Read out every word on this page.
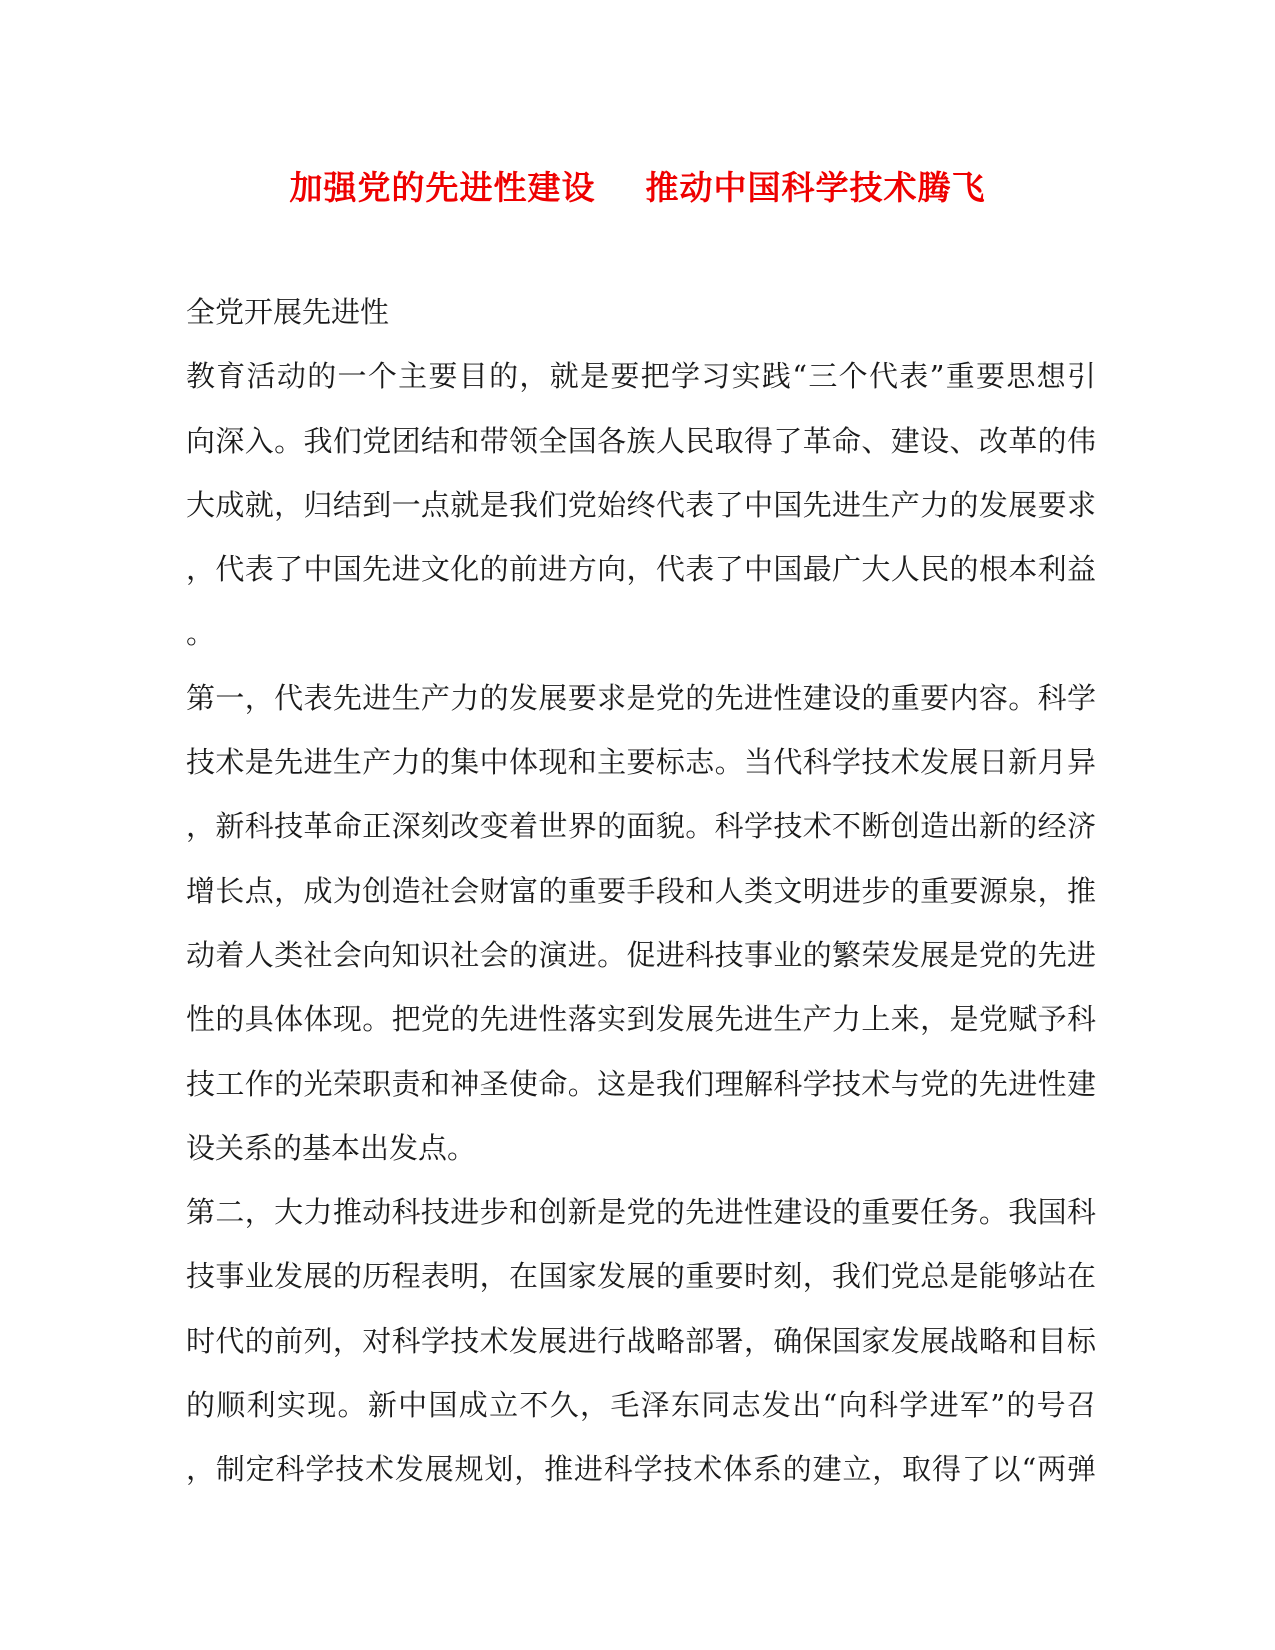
加强党的先进性建设    推动中国科学技术腾飞
全党开展先进性
教育活动的一个主要目的，就是要把学习实践“三个代表”重要思想引
向深入。我们党团结和带领全国各族人民取得了革命、建设、改革的伟
大成就，归结到一点就是我们党始终代表了中国先进生产力的发展要求
，代表了中国先进文化的前进方向，代表了中国最广大人民的根本利益
。
第一，代表先进生产力的发展要求是党的先进性建设的重要内容。科学
技术是先进生产力的集中体现和主要标志。当代科学技术发展日新月异
，新科技革命正深刻改变着世界的面貌。科学技术不断创造出新的经济
增长点，成为创造社会财富的重要手段和人类文明进步的重要源泉，推
动着人类社会向知识社会的演进。促进科技事业的繁荣发展是党的先进
性的具体体现。把党的先进性落实到发展先进生产力上来，是党赋予科
技工作的光荣职责和神圣使命。这是我们理解科学技术与党的先进性建
设关系的基本出发点。
第二，大力推动科技进步和创新是党的先进性建设的重要任务。我国科
技事业发展的历程表明，在国家发展的重要时刻，我们党总是能够站在
时代的前列，对科学技术发展进行战略部署，确保国家发展战略和目标
的顺利实现。新中国成立不久，毛泽东同志发出“向科学进军”的号召
，制定科学技术发展规划，推进科学技术体系的建立，取得了以“两弹
